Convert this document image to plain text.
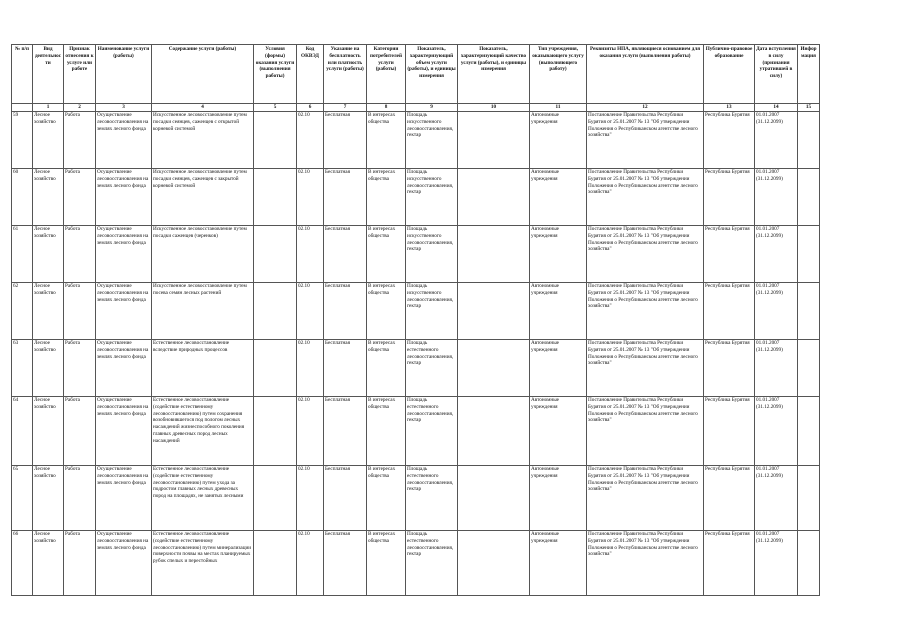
№ п/п	Вид деятельности	Признак отнесения к услуге или работе	Наименование услуги (работы)	Содержание услуги (работы)	Условия (формы) оказания услуги (выполнения работы)	Код ОКВЭД	Указание на бесплатность или платность услуги (работы)	Категории потребителей услуги (работы)	Показатель, характеризующий объем услуги (работы), и единицы измерения	Показатель, характеризующий качество услуги (работы), и единицы измерения	Тип учреждения, оказывающего услугу (выполняющего работу)	Реквизиты НПА, являющиеся основанием для оказания услуги (выполнения работы)	Публично-правовое образование	Дата вступления в силу (признания утратившей в силу)	Информация
	1	2	3	4	5	6	7	8	9	10	11	12	13	14	15
59	Лесное хозяйство	Работа	Осуществление лесовосстановления на землях лесного фонда	Искусственное лесовосстановление путем посадки сеянцев, саженцев с открытой корневой системой		02.10	Бесплатная	В интересах общества	Площадь искусственного лесовосстановления, гектар		Автономные учреждения	Постановление Правительства Республики Бурятия от 25.01.2007 № 13 "Об утверждении Положения о Республиканском агентстве лесного хозяйства"	Республика Бурятия	01.01.2007 (31.12.2099)	
60	Лесное хозяйство	Работа	Осуществление лесовосстановления на землях лесного фонда	Искусственное лесовосстановление путем посадки сеянцев, саженцев с закрытой корневой системой		02.10	Бесплатная	В интересах общества	Площадь искусственного лесовосстановления, гектар		Автономные учреждения	Постановление Правительства Республики Бурятия от 25.01.2007 № 13 "Об утверждении Положения о Республиканском агентстве лесного хозяйства"	Республика Бурятия	01.01.2007 (31.12.2099)	
61	Лесное хозяйство	Работа	Осуществление лесовосстановления на землях лесного фонда	Искусственное лесовосстановление путем посадки саженцев (черенков)		02.10	Бесплатная	В интересах общества	Площадь искусственного лесовосстановления, гектар		Автономные учреждения	Постановление Правительства Республики Бурятия от 25.01.2007 № 13 "Об утверждении Положения о Республиканском агентстве лесного хозяйства"	Республика Бурятия	01.01.2007 (31.12.2099)	
62	Лесное хозяйство	Работа	Осуществление лесовосстановления на землях лесного фонда	Искусственное лесовосстановление путем посева семян лесных растений		02.10	Бесплатная	В интересах общества	Площадь искусственного лесовосстановления, гектар		Автономные учреждения	Постановление Правительства Республики Бурятия от 25.01.2007 № 13 "Об утверждении Положения о Республиканском агентстве лесного хозяйства"	Республика Бурятия	01.01.2007 (31.12.2099)	
63	Лесное хозяйство	Работа	Осуществление лесовосстановления на землях лесного фонда	Естественное лесовосстановление вследствие природных процессов		02.10	Бесплатная	В интересах общества	Площадь естественного лесовосстановления, гектар		Автономные учреждения	Постановление Правительства Республики Бурятия от 25.01.2007 № 13 "Об утверждении Положения о Республиканском агентстве лесного хозяйства"	Республика Бурятия	01.01.2007 (31.12.2099)	
64	Лесное хозяйство	Работа	Осуществление лесовосстановления на землях лесного фонда	Естественное лесовосстановление (содействие естественному лесовосстановлению) путем сохранения возобновившегося под пологом лесных насаждений жизнеспособного поколения главных древесных пород лесных насаждений		02.10	Бесплатная	В интересах общества	Площадь естественного лесовосстановления, гектар		Автономные учреждения	Постановление Правительства Республики Бурятия от 25.01.2007 № 13 "Об утверждении Положения о Республиканском агентстве лесного хозяйства"	Республика Бурятия	01.01.2007 (31.12.2099)	
65	Лесное хозяйство	Работа	Осуществление лесовосстановления на землях лесного фонда	Естественное лесовосстановление (содействие естественному лесовосстановлению) путем ухода за подростом главных лесных древесных пород на площадях, не занятых лесными		02.10	Бесплатная	В интересах общества	Площадь естественного лесовосстановления, гектар		Автономные учреждения	Постановление Правительства Республики Бурятия от 25.01.2007 № 13 "Об утверждении Положения о Республиканском агентстве лесного хозяйства"	Республика Бурятия	01.01.2007 (31.12.2099)	
66	Лесное хозяйство	Работа	Осуществление лесовосстановления на землях лесного фонда	Естественное лесовосстановление (содействие естественному лесовосстановлению) путем минерализации поверхности почвы на местах планируемых рубок спелых и перестойных		02.10	Бесплатная	В интересах общества	Площадь естественного лесовосстановления, гектар		Автономные учреждения	Постановление Правительства Республики Бурятия от 25.01.2007 № 13 "Об утверждении Положения о Республиканском агентстве лесного хозяйства"	Республика Бурятия	01.01.2007 (31.12.2099)	
